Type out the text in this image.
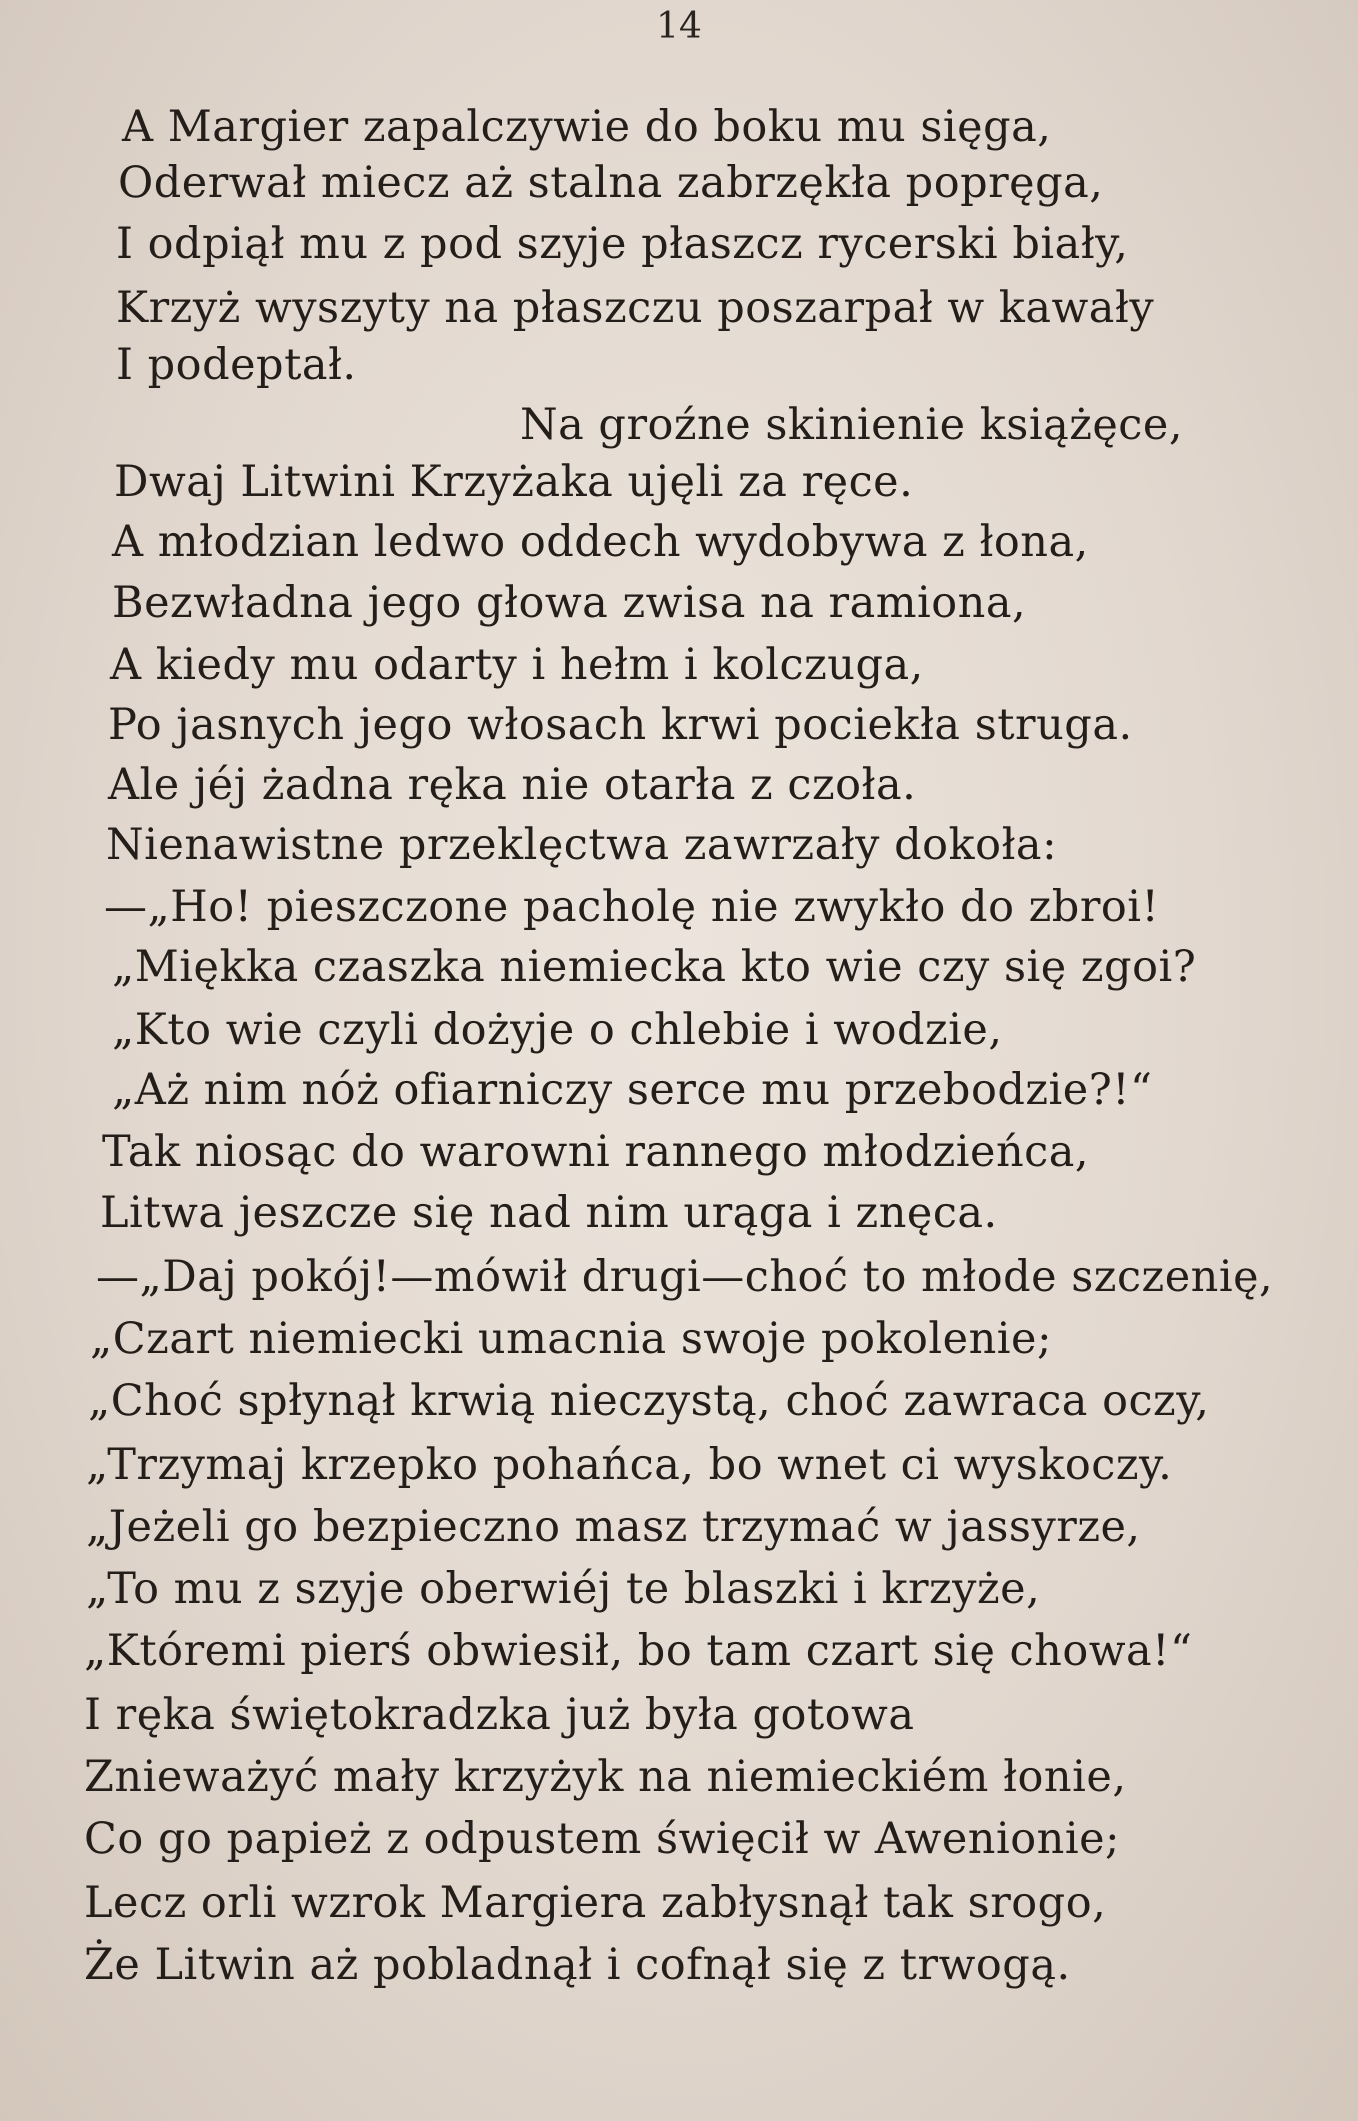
14
A Margier zapalczywie do boku mu sięga,
Oderwał miecz aż stalna zabrzękła popręga,
I odpiął mu z pod szyje płaszcz rycerski biały,
Krzyż wyszyty na płaszczu poszarpał w kawały
I podeptał.
Na groźne skinienie książęce,
Dwaj Litwini Krzyżaka ujęli za ręce.
A młodzian ledwo oddech wydobywa z łona,
Bezwładna jego głowa zwisa na ramiona,
A kiedy mu odarty i hełm i kolczuga,
Po jasnych jego włosach krwi pociekła struga.
Ale jéj żadna ręka nie otarła z czoła.
Nienawistne przeklęctwa zawrzały dokoła:
—„Ho! pieszczone pacholę nie zwykło do zbroi!
„Miękka czaszka niemiecka kto wie czy się zgoi?
„Kto wie czyli dożyje o chlebie i wodzie,
„Aż nim nóż ofiarniczy serce mu przebodzie?!“
Tak niosąc do warowni rannego młodzieńca,
Litwa jeszcze się nad nim urąga i znęca.
—„Daj pokój!—mówił drugi—choć to młode szczenię,
„Czart niemiecki umacnia swoje pokolenie;
„Choć spłynął krwią nieczystą, choć zawraca oczy,
„Trzymaj krzepko pohańca, bo wnet ci wyskoczy.
„Jeżeli go bezpieczno masz trzymać w jassyrze,
„To mu z szyje oberwiéj te blaszki i krzyże,
„Któremi pierś obwiesił, bo tam czart się chowa!“
I ręka świętokradzka już była gotowa
Znieważyć mały krzyżyk na niemieckiém łonie,
Co go papież z odpustem święcił w Awenionie;
Lecz orli wzrok Margiera zabłysnął tak srogo,
Że Litwin aż pobladnął i cofnął się z trwogą.
